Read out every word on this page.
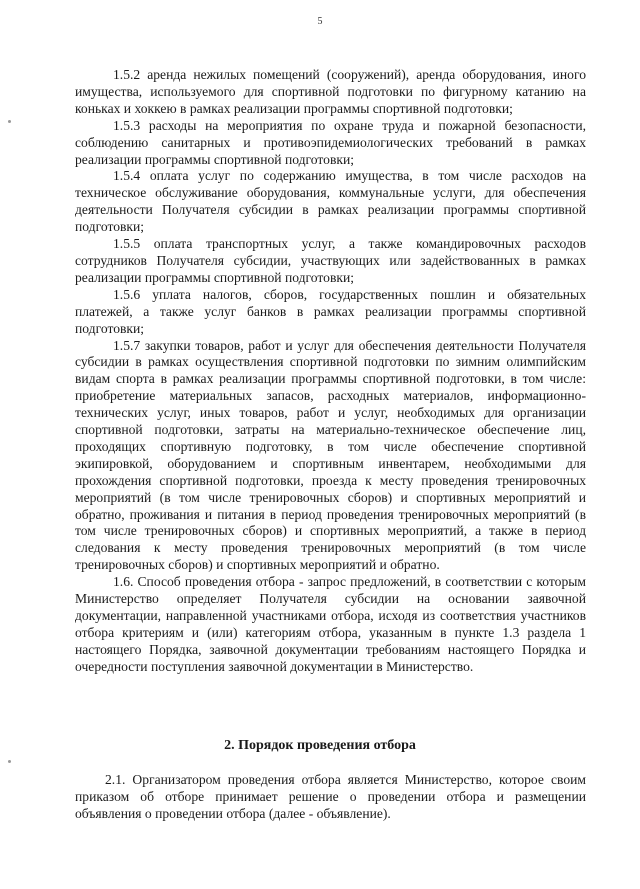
5

1.5.2 аренда нежилых помещений (сооружений), аренда оборудования, иного имущества, используемого для спортивной подготовки по фигурному катанию на коньках и хоккею в рамках реализации программы спортивной подготовки;

1.5.3 расходы на мероприятия по охране труда и пожарной безопасности, соблюдению санитарных и противоэпидемиологических требований в рамках реализации программы спортивной подготовки;

1.5.4 оплата услуг по содержанию имущества, в том числе расходов на техническое обслуживание оборудования, коммунальные услуги, для обеспечения деятельности Получателя субсидии в рамках реализации программы спортивной подготовки;

1.5.5 оплата транспортных услуг, а также командировочных расходов сотрудников Получателя субсидии, участвующих или задействованных в рамках реализации программы спортивной подготовки;

1.5.6 уплата налогов, сборов, государственных пошлин и обязательных платежей, а также услуг банков в рамках реализации программы спортивной подготовки;

1.5.7 закупки товаров, работ и услуг для обеспечения деятельности Получателя субсидии в рамках осуществления спортивной подготовки по зимним олимпийским видам спорта в рамках реализации программы спортивной подготовки, в том числе: приобретение материальных запасов, расходных материалов, информационно-технических услуг, иных товаров, работ и услуг, необходимых для организации спортивной подготовки, затраты на материально-техническое обеспечение лиц, проходящих спортивную подготовку, в том числе обеспечение спортивной экипировкой, оборудованием и спортивным инвентарем, необходимыми для прохождения спортивной подготовки, проезда к месту проведения тренировочных мероприятий (в том числе тренировочных сборов) и спортивных мероприятий и обратно, проживания и питания в период проведения тренировочных мероприятий (в том числе тренировочных сборов) и спортивных мероприятий, а также в период следования к месту проведения тренировочных мероприятий (в том числе тренировочных сборов) и спортивных мероприятий и обратно.

1.6. Способ проведения отбора - запрос предложений, в соответствии с которым Министерство определяет Получателя субсидии на основании заявочной документации, направленной участниками отбора, исходя из соответствия участников отбора критериям и (или) категориям отбора, указанным в пункте 1.3 раздела 1 настоящего Порядка, заявочной документации требованиям настоящего Порядка и очередности поступления заявочной документации в Министерство.

2. Порядок проведения отбора

2.1. Организатором проведения отбора является Министерство, которое своим приказом об отборе принимает решение о проведении отбора и размещении объявления о проведении отбора (далее - объявление).
